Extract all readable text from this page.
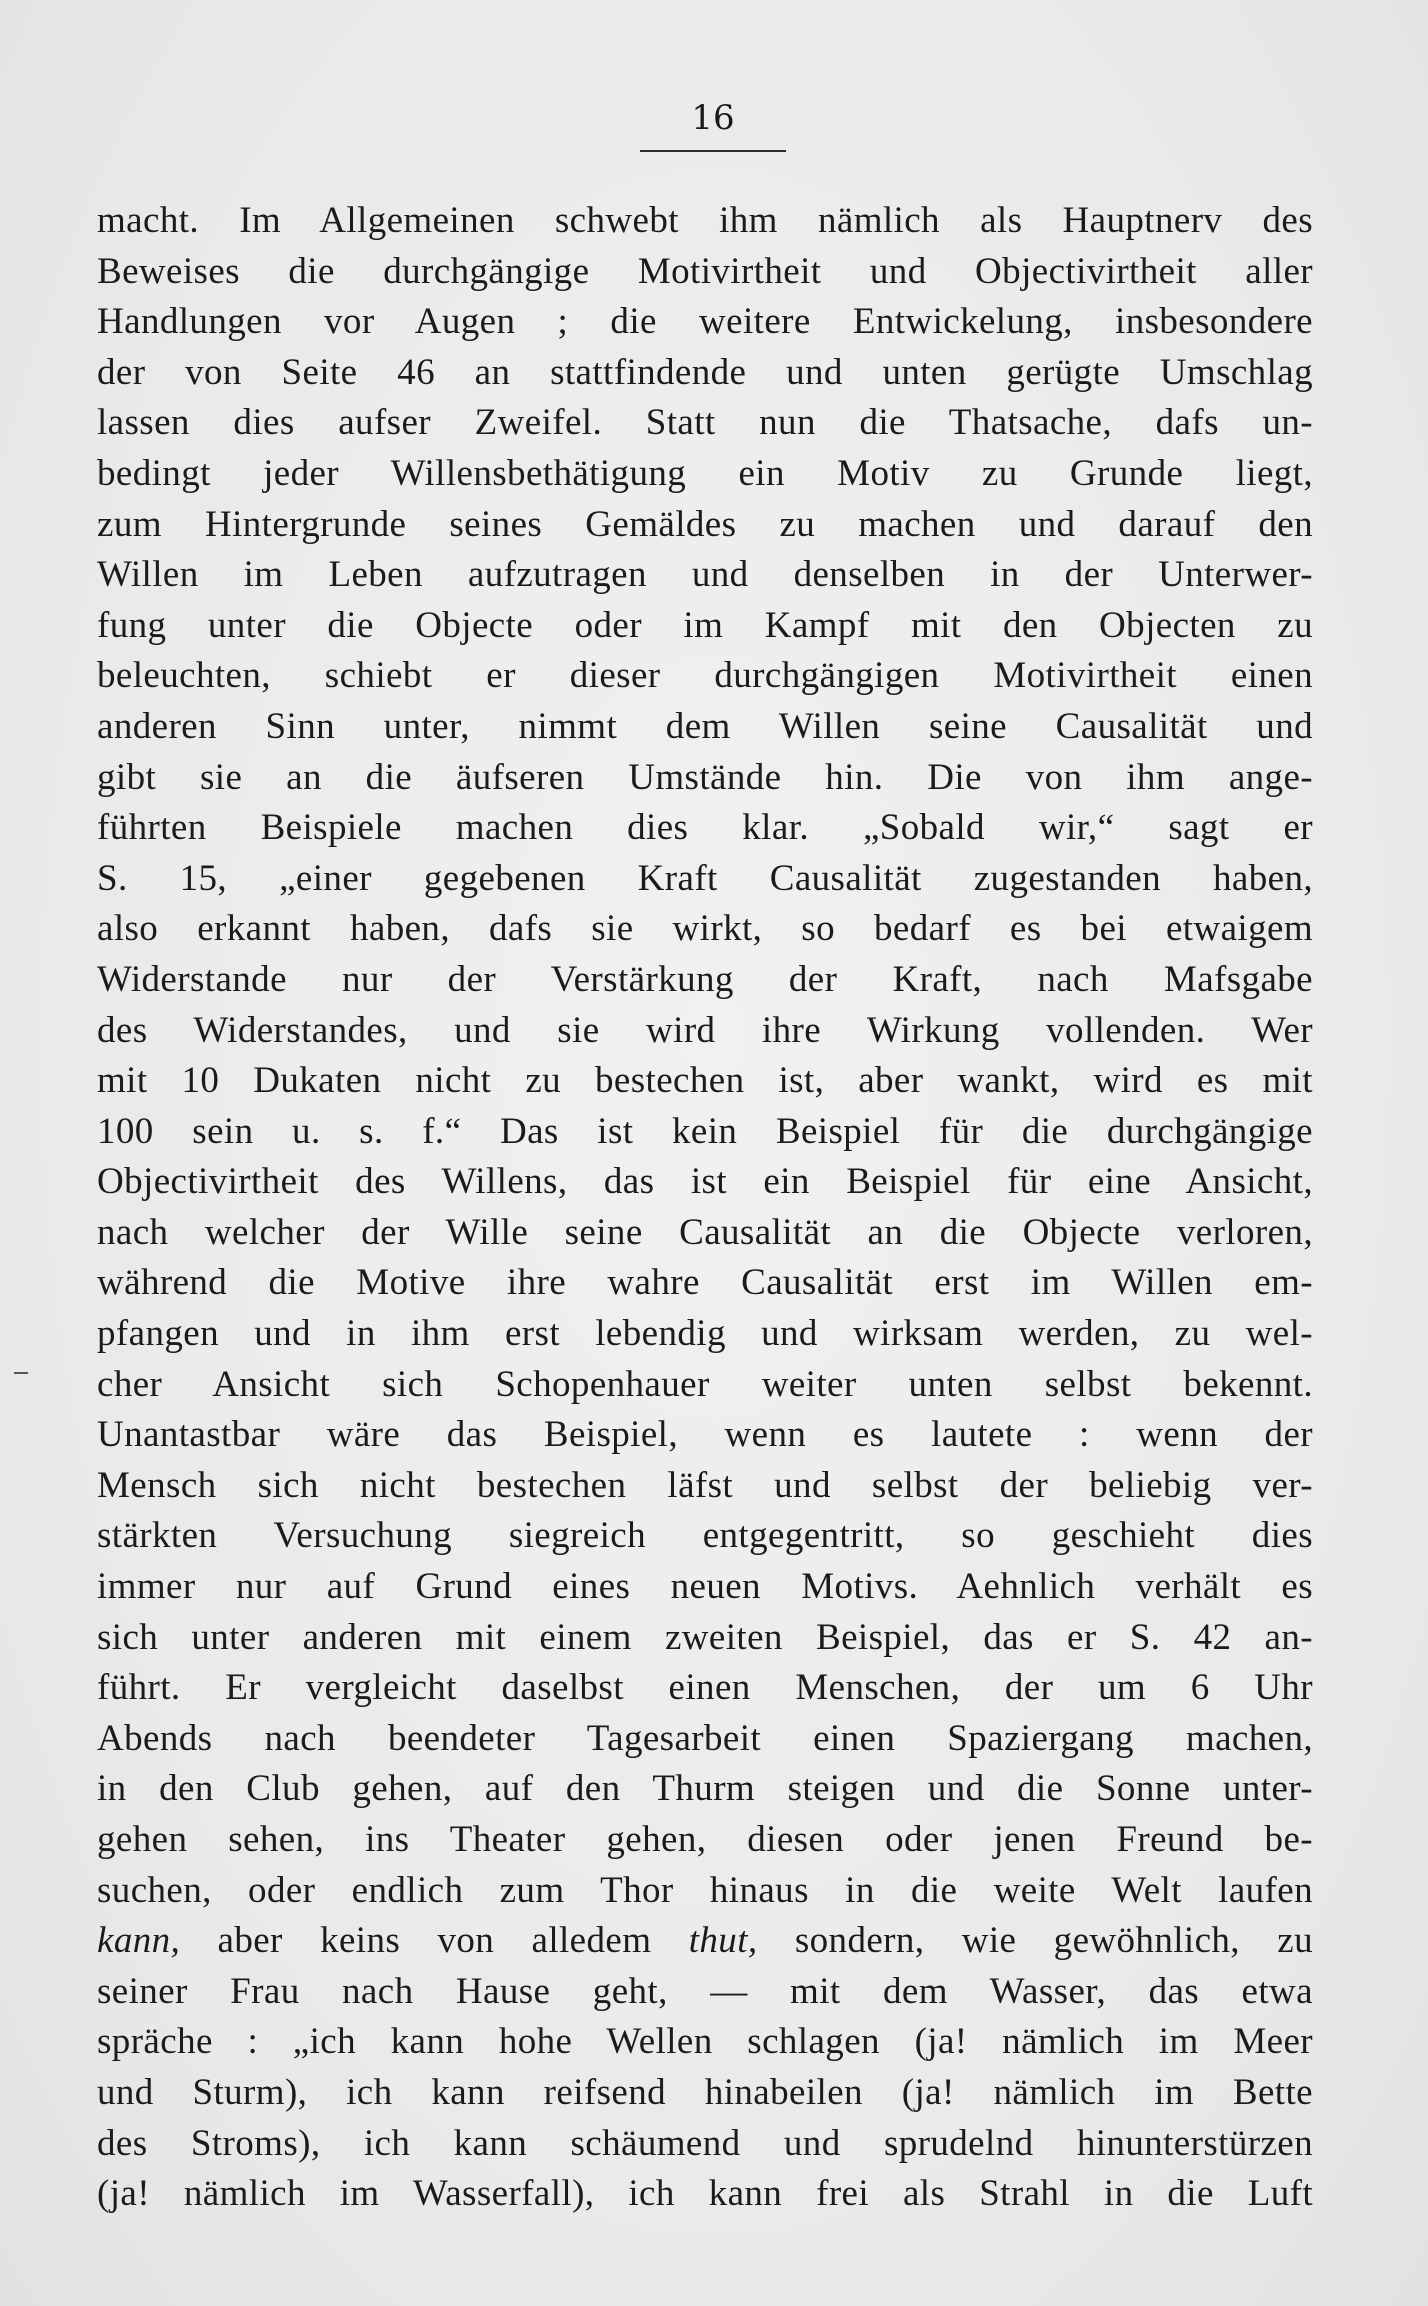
16
macht. Im Allgemeinen schwebt ihm nämlich als Hauptnerv des
Beweises die durchgängige Motivirtheit und Objectivirtheit aller
Handlungen vor Augen ; die weitere Entwickelung, insbesondere
der von Seite 46 an stattfindende und unten gerügte Umschlag
lassen dies aufser Zweifel. Statt nun die Thatsache, dafs un-
bedingt jeder Willensbethätigung ein Motiv zu Grunde liegt,
zum Hintergrunde seines Gemäldes zu machen und darauf den
Willen im Leben aufzutragen und denselben in der Unterwer-
fung unter die Objecte oder im Kampf mit den Objecten zu
beleuchten, schiebt er dieser durchgängigen Motivirtheit einen
anderen Sinn unter, nimmt dem Willen seine Causalität und
gibt sie an die äufseren Umstände hin. Die von ihm ange-
führten Beispiele machen dies klar. „Sobald wir,“ sagt er
S. 15, „einer gegebenen Kraft Causalität zugestanden haben,
also erkannt haben, dafs sie wirkt, so bedarf es bei etwaigem
Widerstande nur der Verstärkung der Kraft, nach Mafsgabe
des Widerstandes, und sie wird ihre Wirkung vollenden. Wer
mit 10 Dukaten nicht zu bestechen ist, aber wankt, wird es mit
100 sein u. s. f.“ Das ist kein Beispiel für die durchgängige
Objectivirtheit des Willens, das ist ein Beispiel für eine Ansicht,
nach welcher der Wille seine Causalität an die Objecte verloren,
während die Motive ihre wahre Causalität erst im Willen em-
pfangen und in ihm erst lebendig und wirksam werden, zu wel-
cher Ansicht sich Schopenhauer weiter unten selbst bekennt.
Unantastbar wäre das Beispiel, wenn es lautete : wenn der
Mensch sich nicht bestechen läfst und selbst der beliebig ver-
stärkten Versuchung siegreich entgegentritt, so geschieht dies
immer nur auf Grund eines neuen Motivs. Aehnlich verhält es
sich unter anderen mit einem zweiten Beispiel, das er S. 42 an-
führt. Er vergleicht daselbst einen Menschen, der um 6 Uhr
Abends nach beendeter Tagesarbeit einen Spaziergang machen,
in den Club gehen, auf den Thurm steigen und die Sonne unter-
gehen sehen, ins Theater gehen, diesen oder jenen Freund be-
suchen, oder endlich zum Thor hinaus in die weite Welt laufen
kann, aber keins von alledem thut, sondern, wie gewöhnlich, zu
seiner Frau nach Hause geht, — mit dem Wasser, das etwa
spräche : „ich kann hohe Wellen schlagen (ja! nämlich im Meer
und Sturm), ich kann reifsend hinabeilen (ja! nämlich im Bette
des Stroms), ich kann schäumend und sprudelnd hinunterstürzen
(ja! nämlich im Wasserfall), ich kann frei als Strahl in die Luft
